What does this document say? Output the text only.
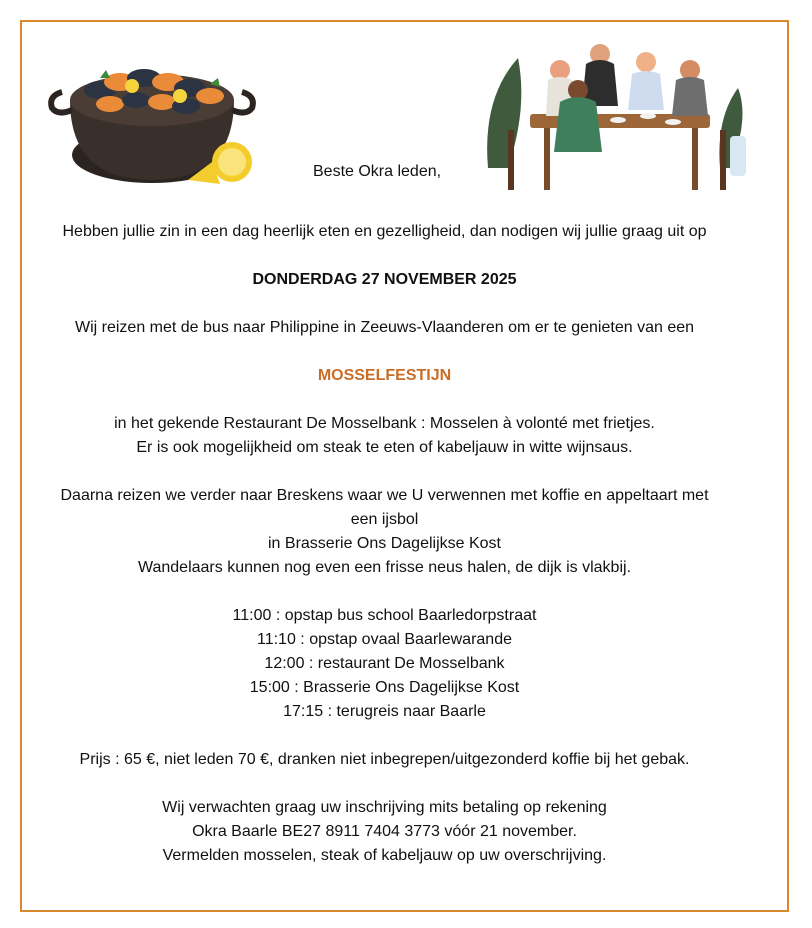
Beste Okra leden,

Hebben jullie zin in een dag heerlijk eten en gezelligheid, dan nodigen wij jullie graag uit op

DONDERDAG 27 NOVEMBER 2025

Wij reizen met de bus naar Philippine in Zeeuws-Vlaanderen om er te genieten van een

MOSSELFESTIJN

in het gekende Restaurant De Mosselbank : Mosselen à volonté met frietjes.

Er is ook mogelijkheid om steak te eten of kabeljauw in witte wijnsaus.

Daarna reizen we verder naar Breskens waar we U verwennen met koffie en appeltaart met een ijsbol

in Brasserie Ons Dagelijkse Kost

Wandelaars kunnen nog even een frisse neus halen, de dijk is vlakbij.

11:00 : opstap bus school Baarledorpstraat

11:10 : opstap ovaal Baarlewarande

12:00 : restaurant De Mosselbank

15:00 : Brasserie Ons Dagelijkse Kost

17:15 : terugreis naar Baarle

Prijs : 65 €, niet leden 70 €, dranken niet inbegrepen/uitgezonderd koffie bij het gebak.

Wij verwachten graag uw inschrijving mits betaling op rekening

Okra Baarle BE27 8911 7404 3773 vóór 21 november.

Vermelden mosselen, steak of kabeljauw op uw overschrijving.
